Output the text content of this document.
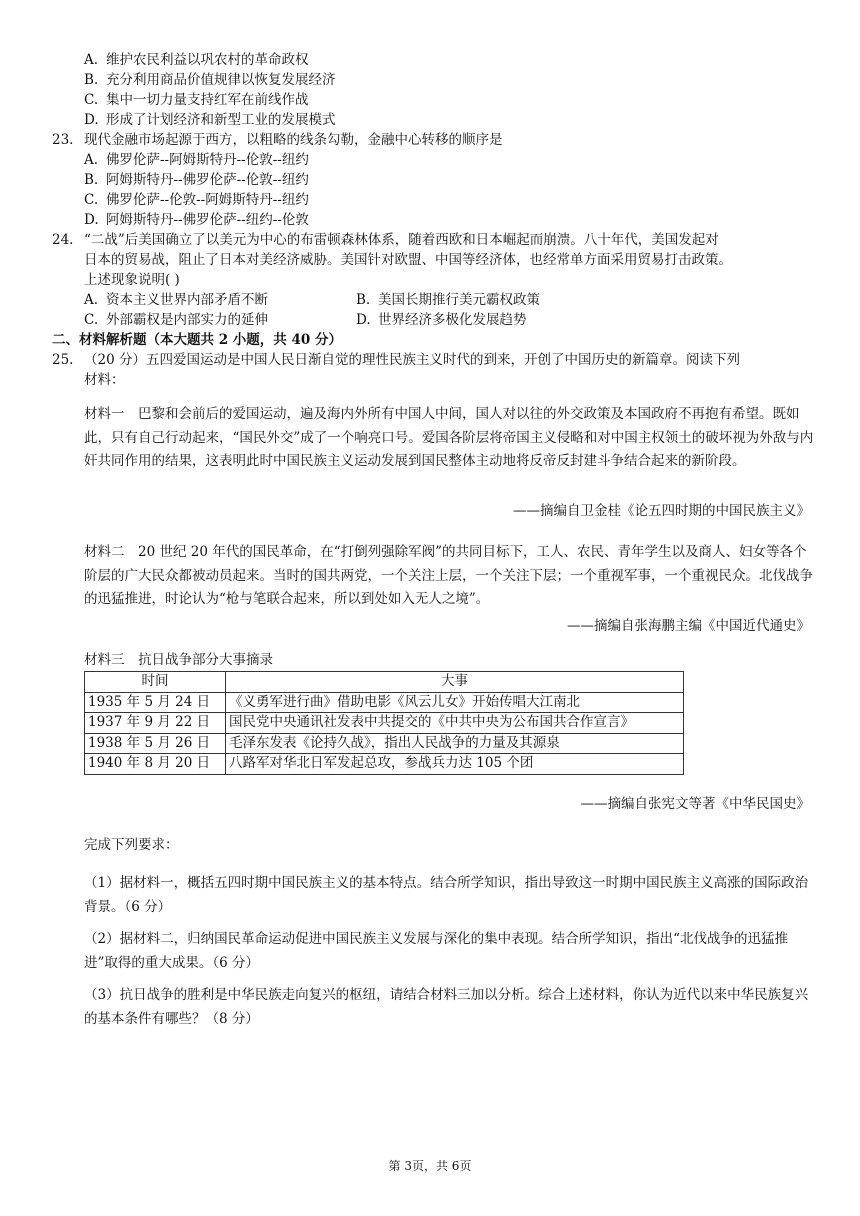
A. 维护农民利益以巩农村的革命政权
B. 充分利用商品价值规律以恢复发展经济
C. 集中一切力量支持红军在前线作战
D. 形成了计划经济和新型工业的发展模式
23. 现代金融市场起源于西方，以粗略的线条勾勒，金融中心转移的顺序是
A. 佛罗伦萨--阿姆斯特丹--伦敦--纽约
B. 阿姆斯特丹--佛罗伦萨--伦敦--纽约
C. 佛罗伦萨--伦敦--阿姆斯特丹--纽约
D. 阿姆斯特丹--佛罗伦萨--纽约--伦敦
24. “二战”后美国确立了以美元为中心的布雷顿森林体系，随着西欧和日本崛起而崩溃。八十年代，美国发起对
日本的贸易战，阻止了日本对美经济威胁。美国针对欧盟、中国等经济体，也经常单方面采用贸易打击政策。
上述现象说明( )
A. 资本主义世界内部矛盾不断	B. 美国长期推行美元霸权政策
C. 外部霸权是内部实力的延伸	D. 世界经济多极化发展趋势
二、材料解析题（本大题共 2 小题，共 40 分）
25. （20 分）五四爱国运动是中国人民日渐自觉的理性民族主义时代的到来，开创了中国历史的新篇章。阅读下列
材料：
材料一　巴黎和会前后的爱国运动，遍及海内外所有中国人中间，国人对以往的外交政策及本国政府不再抱有希望。既如此，只有自己行动起来，“国民外交”成了一个响亮口号。爱国各阶层将帝国主义侵略和对中国主权领土的破坏视为外敌与内奸共同作用的结果，这表明此时中国民族主义运动发展到国民整体主动地将反帝反封建斗争结合起来的新阶段。
——摘编自卫金桂《论五四时期的中国民族主义》
材料二　20 世纪 20 年代的国民革命，在“打倒列强除军阀”的共同目标下，工人、农民、青年学生以及商人、妇女等各个阶层的广大民众都被动员起来。当时的国共两党，一个关注上层，一个关注下层；一个重视军事，一个重视民众。北伐战争的迅猛推进，时论认为“枪与笔联合起来，所以到处如入无人之境”。
——摘编自张海鹏主编《中国近代通史》
材料三　抗日战争部分大事摘录
时间	大事
1935 年 5 月 24 日	《义勇军进行曲》借助电影《风云儿女》开始传唱大江南北
1937 年 9 月 22 日	国民党中央通讯社发表中共提交的《中共中央为公布国共合作宣言》
1938 年 5 月 26 日	毛泽东发表《论持久战》，指出人民战争的力量及其源泉
1940 年 8 月 20 日	八路军对华北日军发起总攻，参战兵力达 105 个团
——摘编自张宪文等著《中华民国史》
完成下列要求：
（1）据材料一，概括五四时期中国民族主义的基本特点。结合所学知识，指出导致这一时期中国民族主义高涨的国际政治背景。（6 分）
（2）据材料二，归纳国民革命运动促进中国民族主义发展与深化的集中表现。结合所学知识，指出“北伐战争的迅猛推进”取得的重大成果。（6 分）
（3）抗日战争的胜利是中华民族走向复兴的枢纽，请结合材料三加以分析。综合上述材料，你认为近代以来中华民族复兴的基本条件有哪些？（8 分）
第 3页，共 6页
